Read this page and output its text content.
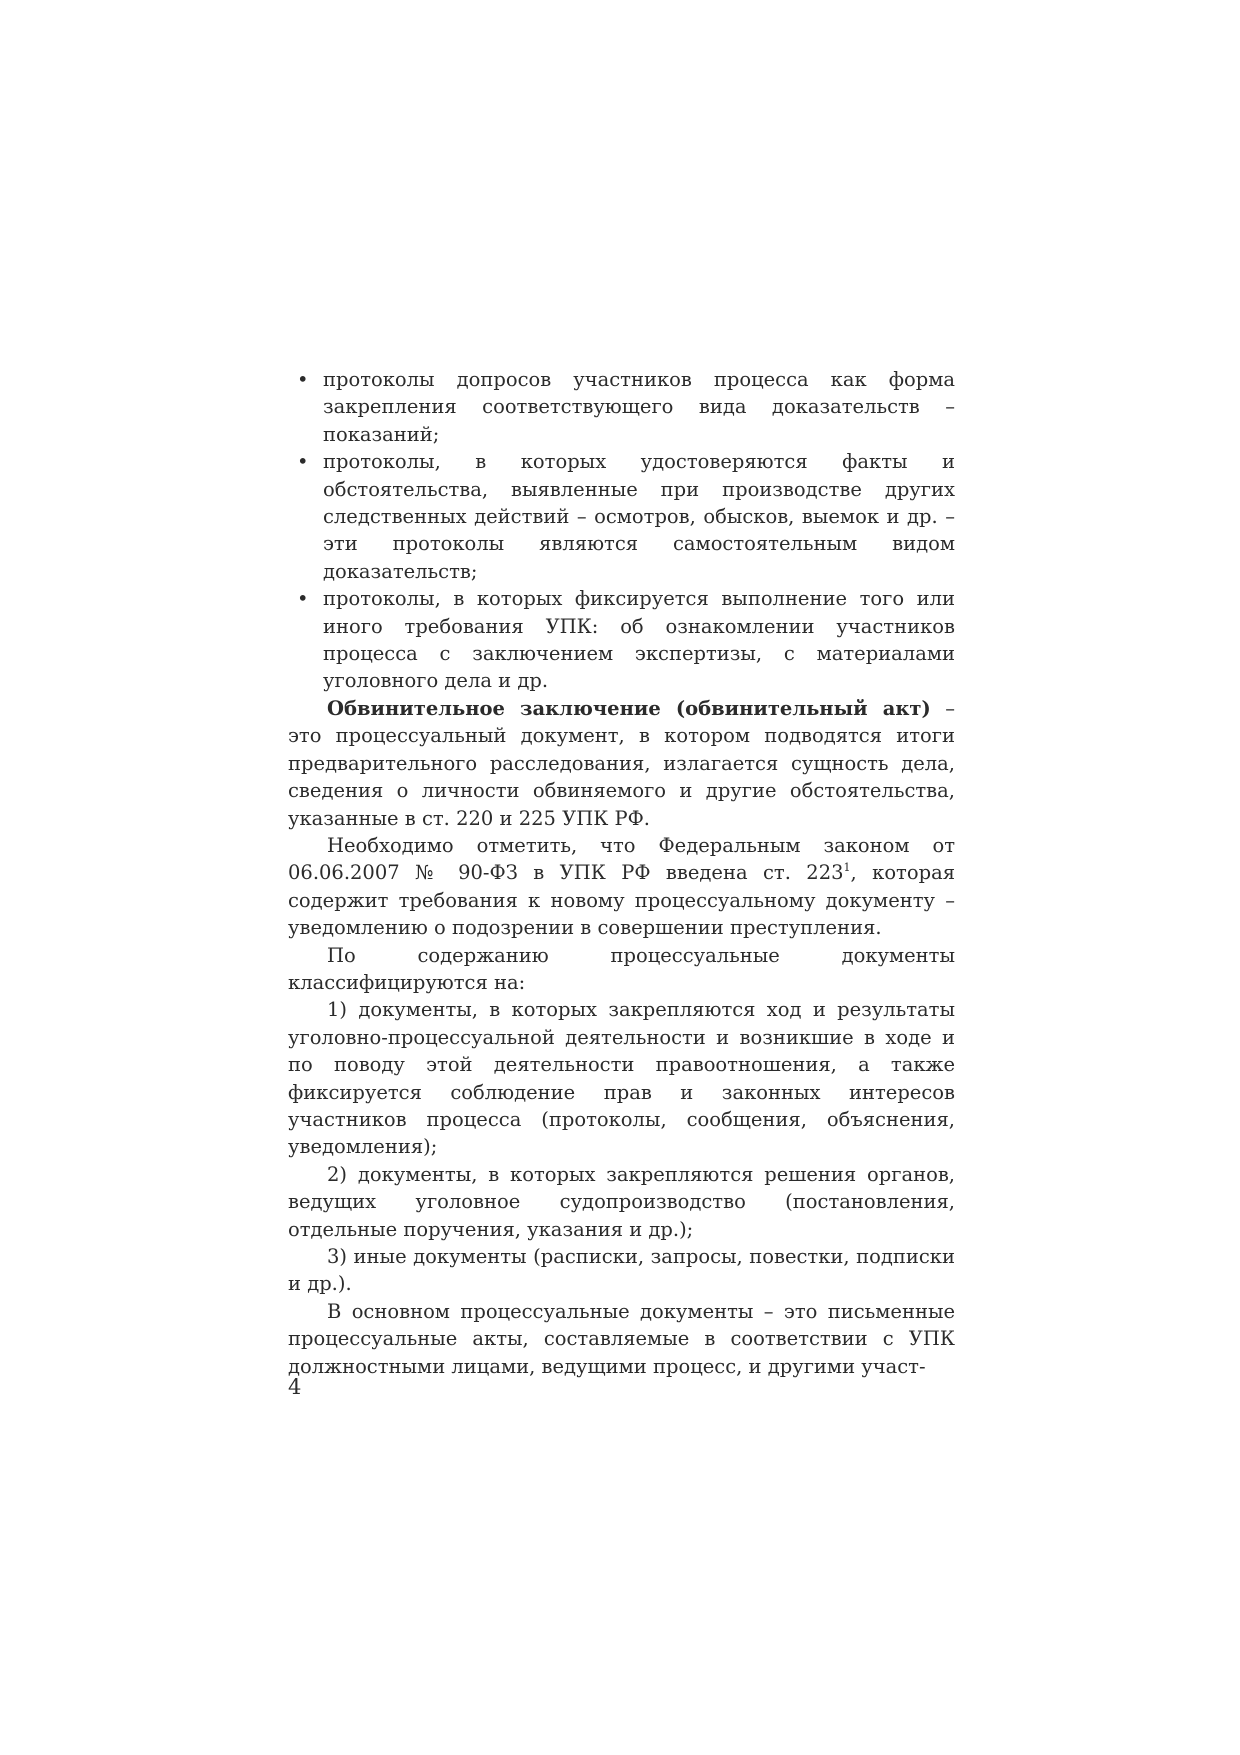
• протоколы допросов участников процесса как форма закрепления соответствующего вида доказательств – показаний;
• протоколы, в которых удостоверяются факты и обстоятельства, выявленные при производстве других следственных действий – осмотров, обысков, выемок и др. – эти протоколы являются самостоятельным видом доказательств;
• протоколы, в которых фиксируется выполнение того или иного требования УПК: об ознакомлении участников процесса с заключением экспертизы, с материалами уголовного дела и др.

Обвинительное заключение (обвинительный акт) – это процессуальный документ, в котором подводятся итоги предварительного расследования, излагается сущность дела, сведения о личности обвиняемого и другие обстоятельства, указанные в ст. 220 и 225 УПК РФ.

Необходимо отметить, что Федеральным законом от 06.06.2007 № 90-ФЗ в УПК РФ введена ст. $223^1$, которая содержит требования к новому процессуальному документу – уведомлению о подозрении в совершении преступления.

По содержанию процессуальные документы классифицируются на:

1) документы, в которых закрепляются ход и результаты уголовно-процессуальной деятельности и возникшие в ходе и по поводу этой деятельности правоотношения, а также фиксируется соблюдение прав и законных интересов участников процесса (протоколы, сообщения, объяснения, уведомления);

2) документы, в которых закрепляются решения органов, ведущих уголовное судопроизводство (постановления, отдельные поручения, указания и др.);

3) иные документы (расписки, запросы, повестки, подписки и др.).

В основном процессуальные документы – это письменные процессуальные акты, составляемые в соответствии с УПК должностными лицами, ведущими процесс, и другими участ-

4
